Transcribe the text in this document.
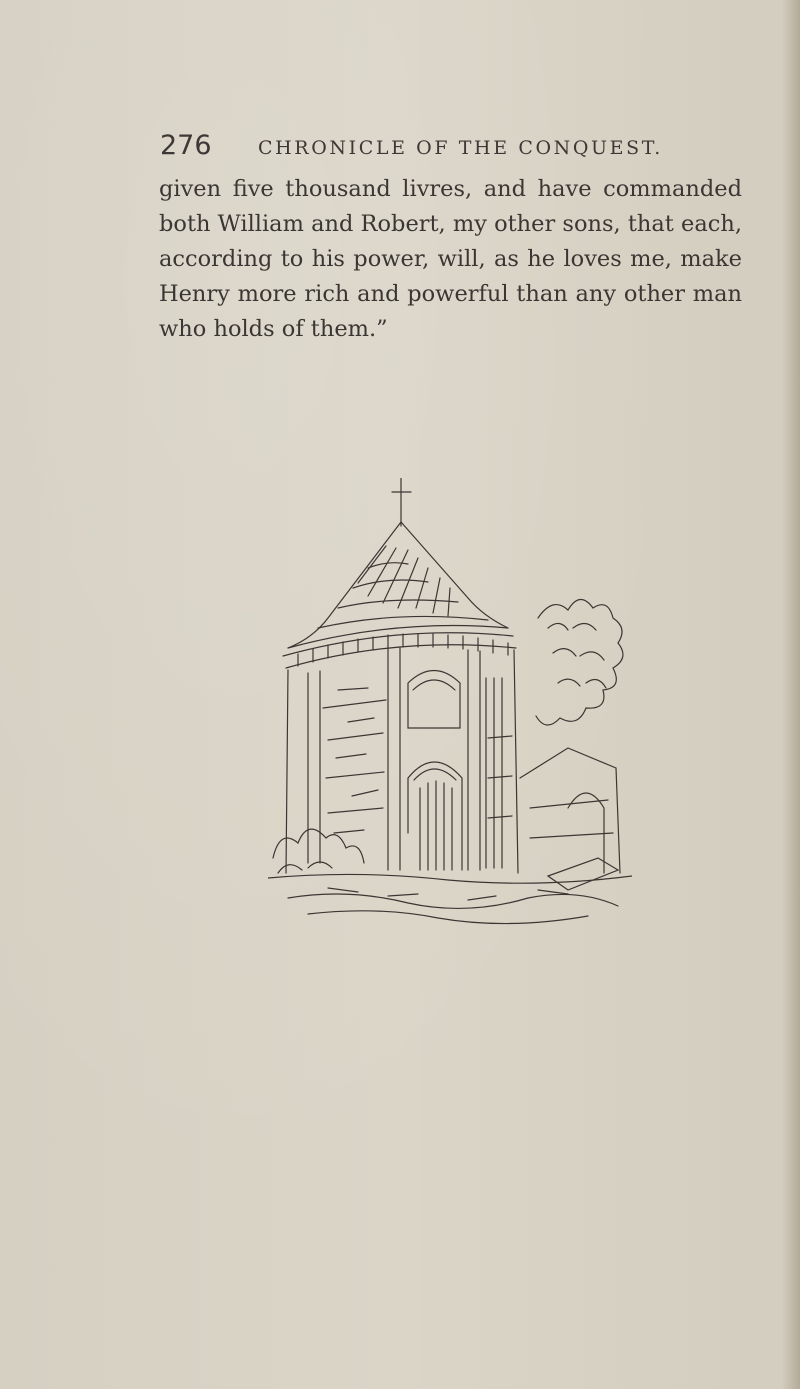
276	CHRONICLE OF THE CONQUEST.
given five thousand livres, and have commanded
both William and Robert, my other sons, that each,
according to his power, will, as he loves me, make
Henry more rich and powerful than any other man
who holds of them.”
